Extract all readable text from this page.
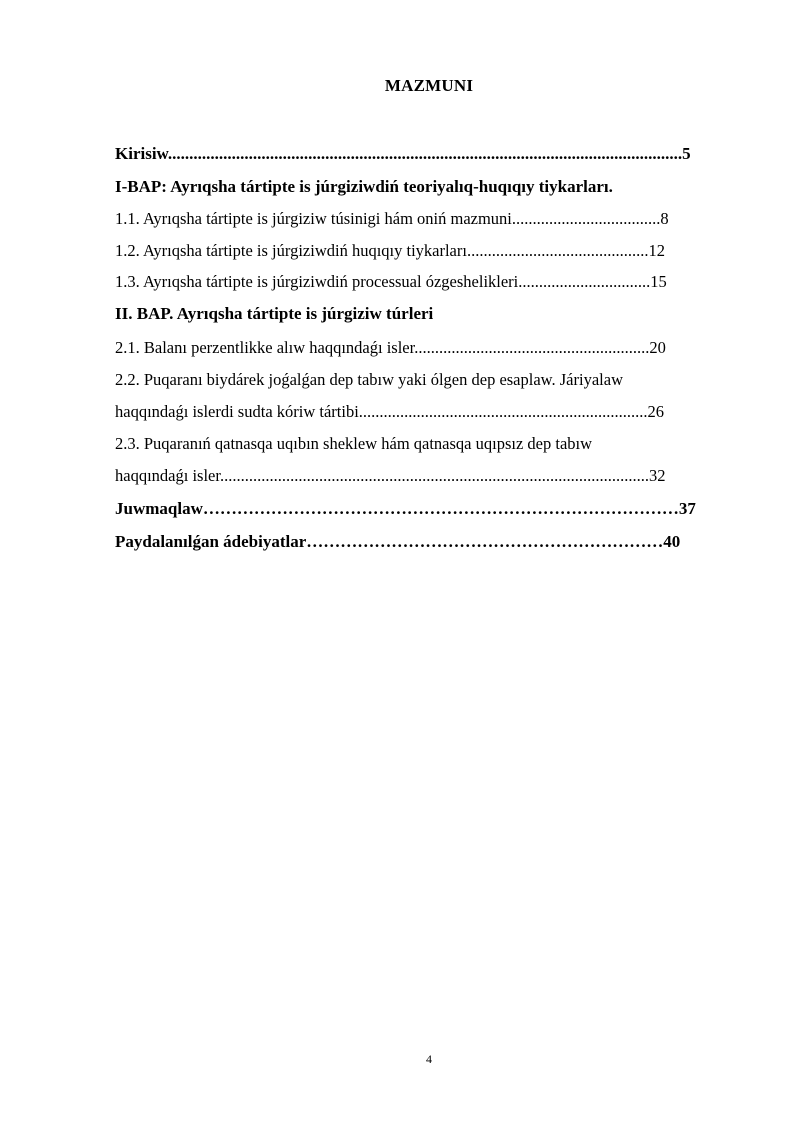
MAZMUNI
Kirisiw.........................................................................................................................5
I-BAP: Ayrıqsha tártipte is júrgiziwdiń teoriyalıq-huqıqıy tiykarları.
1.1. Ayrıqsha tártipte is júrgiziw túsinigi hám oniń mazmuni....................................8
1.2. Ayrıqsha tártipte is júrgiziwdiń huqıqıy tiykarları............................................12
1.3. Ayrıqsha tártipte is júrgiziwdiń processual ózgeshelikleri................................15
II. BAP. Ayrıqsha tártipte is júrgiziw túrleri
2.1. Balanı perzentlikke alıw haqqındaǵı isler.........................................................20
2.2. Puqaranı biydárek joǵalǵan dep tabıw yaki ólgen dep esaplaw. Járiyalaw
haqqındaǵı islerdi sudta kóriw tártibi......................................................................26
2.3. Puqaranıń qatnasqa uqıbın sheklew hám qatnasqa uqıpsız dep tabıw
haqqındaǵı isler........................................................................................................32
Juwmaqlaw…………………………………………………………………………37
Paydalanılǵan ádebiyatlar………………………………………………………40
4
